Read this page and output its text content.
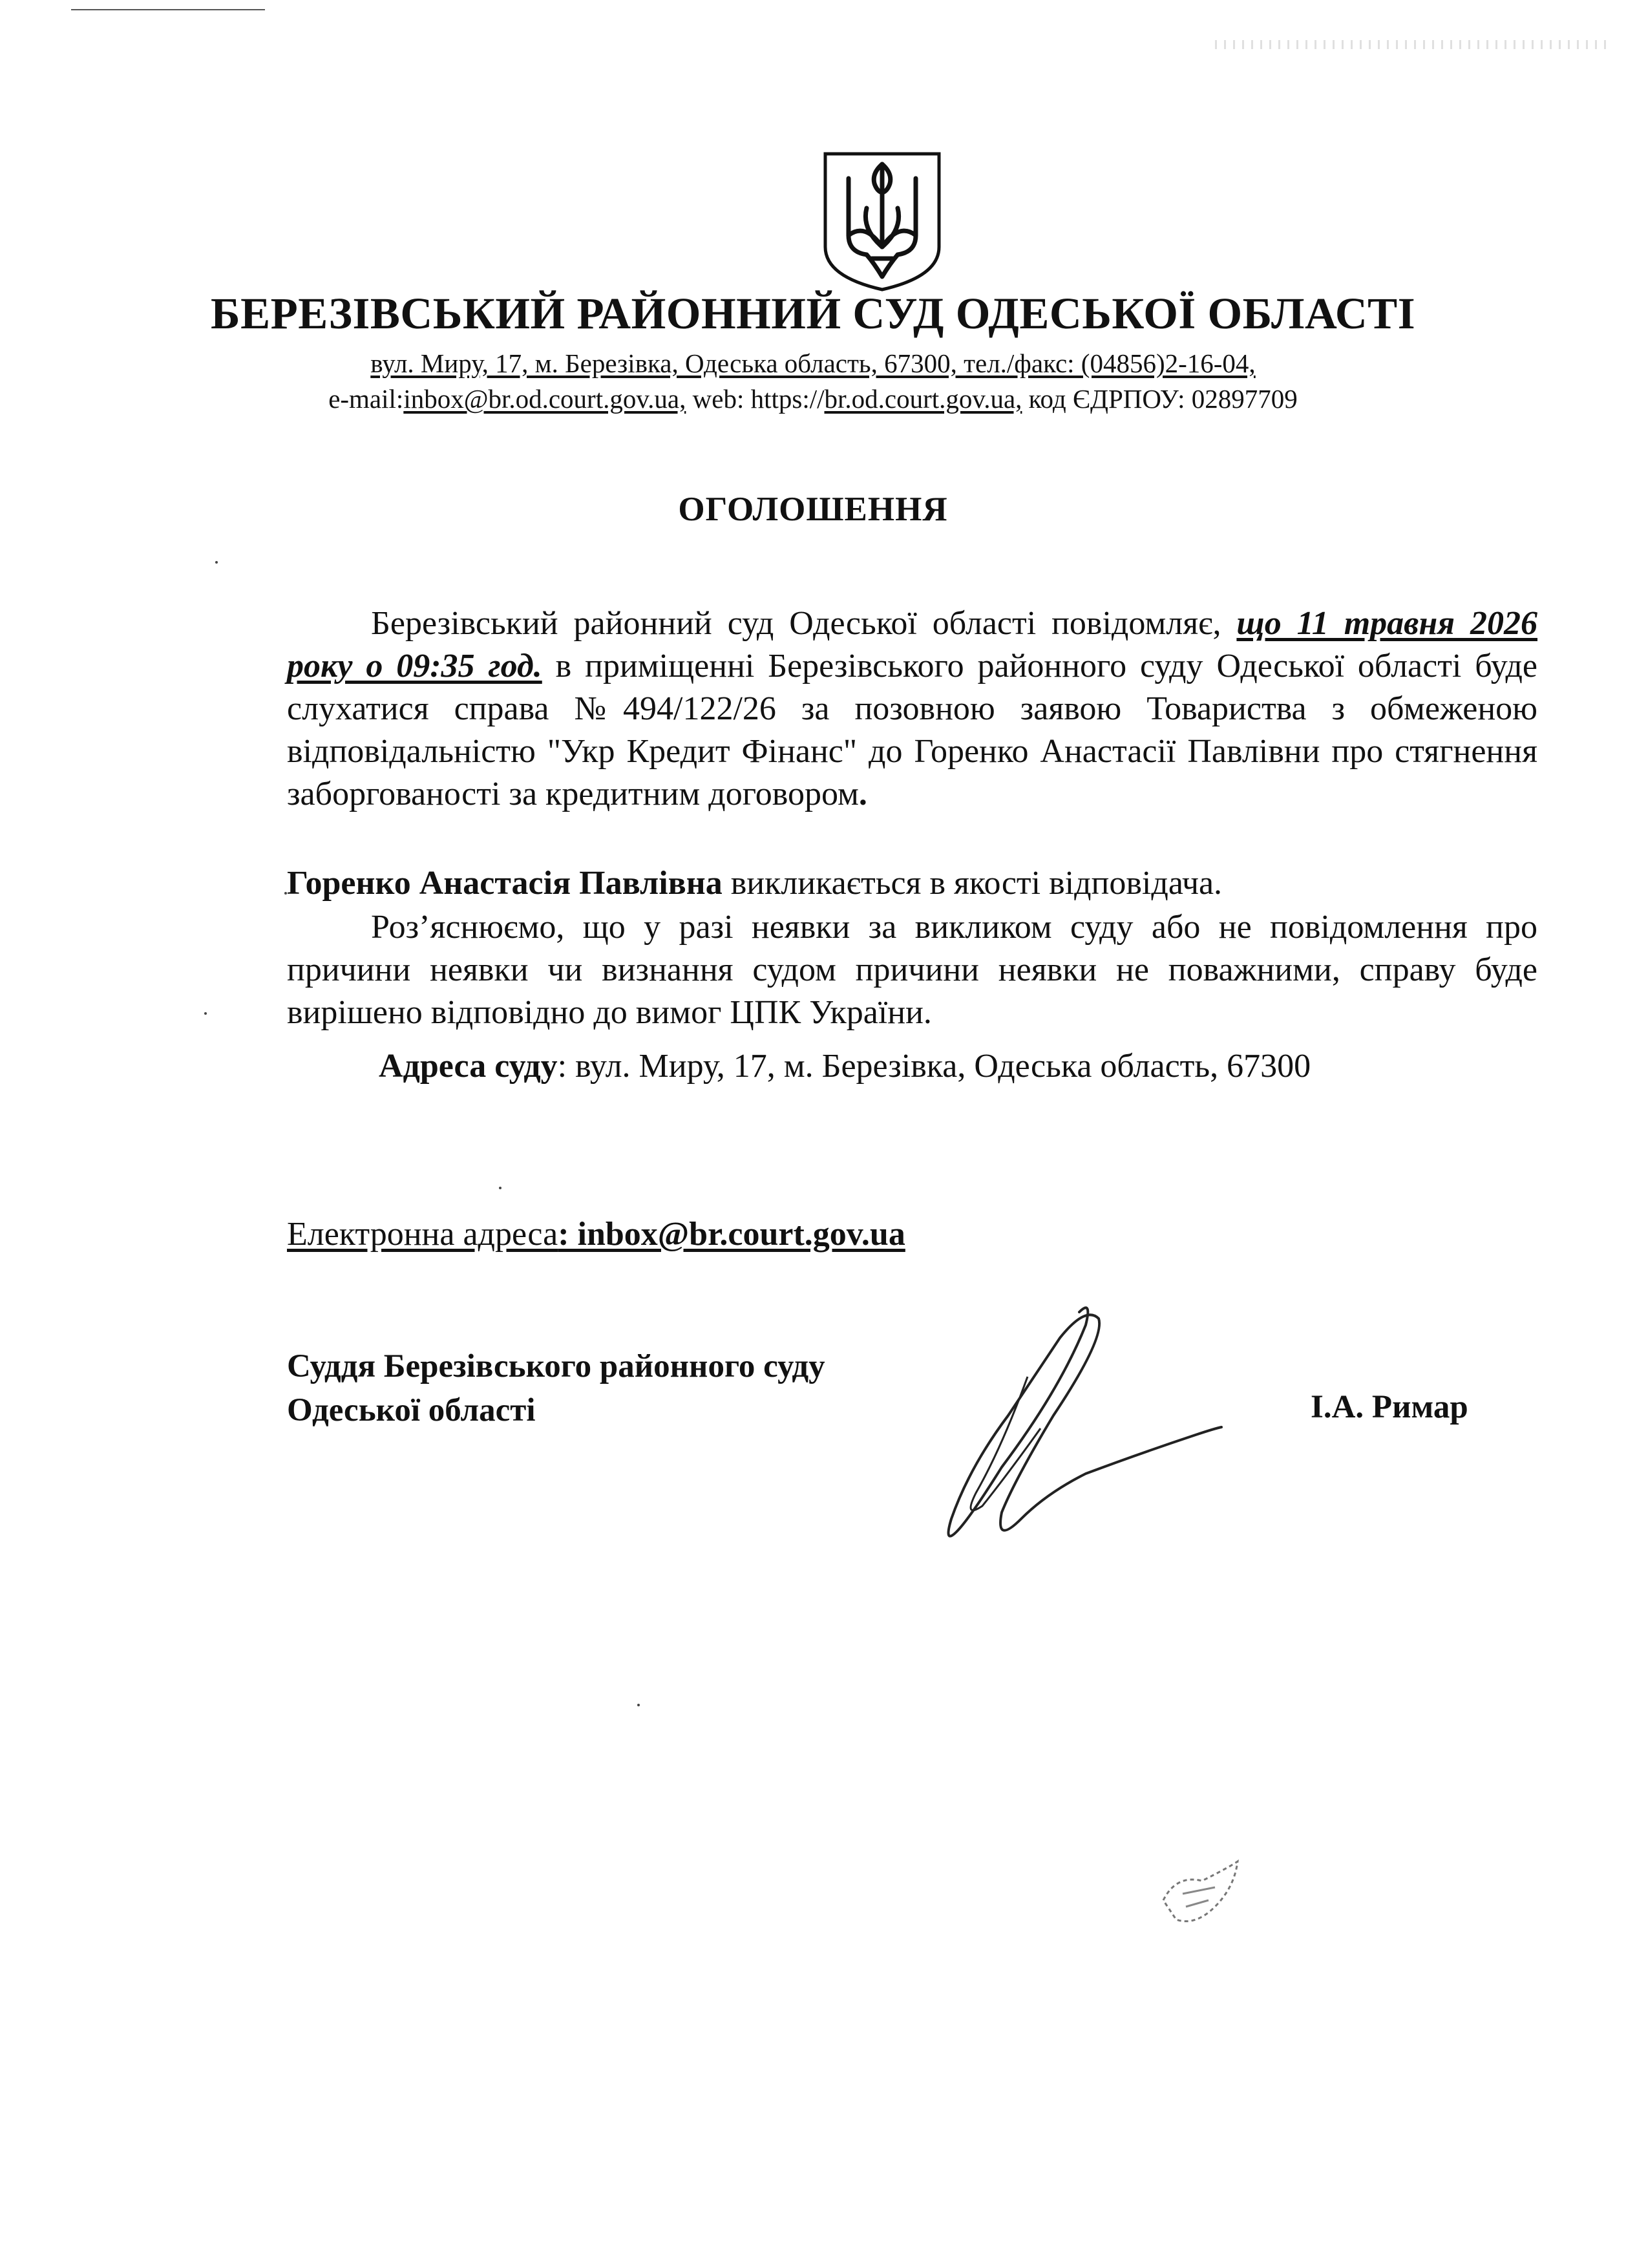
БЕРЕЗІВСЬКИЙ РАЙОННИЙ СУД ОДЕСЬКОЇ ОБЛАСТІ
вул. Миру, 17, м. Березівка, Одеська область, 67300, тел./факс: (04856)2-16-04,
e-mail:inbox@br.od.court.gov.ua, web: https://br.od.court.gov.ua, код ЄДРПОУ: 02897709
ОГОЛОШЕННЯ

Березівський районний суд Одеської області повідомляє, що 11 травня 2026 року о 09:35 год. в приміщенні Березівського районного суду Одеської області буде слухатися справа №494/122/26 за позовною заявою Товариства з обмеженою відповідальністю "Укр Кредит Фінанс" до Горенко Анастасії Павлівни про стягнення заборгованості за кредитним договором.

Горенко Анастасія Павлівна викликається в якості відповідача.

Роз’яснюємо, що у разі неявки за викликом суду або не повідомлення про причини неявки чи визнання судом причини неявки не поважними, справу буде вирішено відповідно до вимог ЦПК України.

Адреса суду: вул. Миру, 17, м. Березівка, Одеська область, 67300
Електронна адреса: inbox@br.court.gov.ua
Суддя Березівського районного суду
Одеської області	І.А. Римар
